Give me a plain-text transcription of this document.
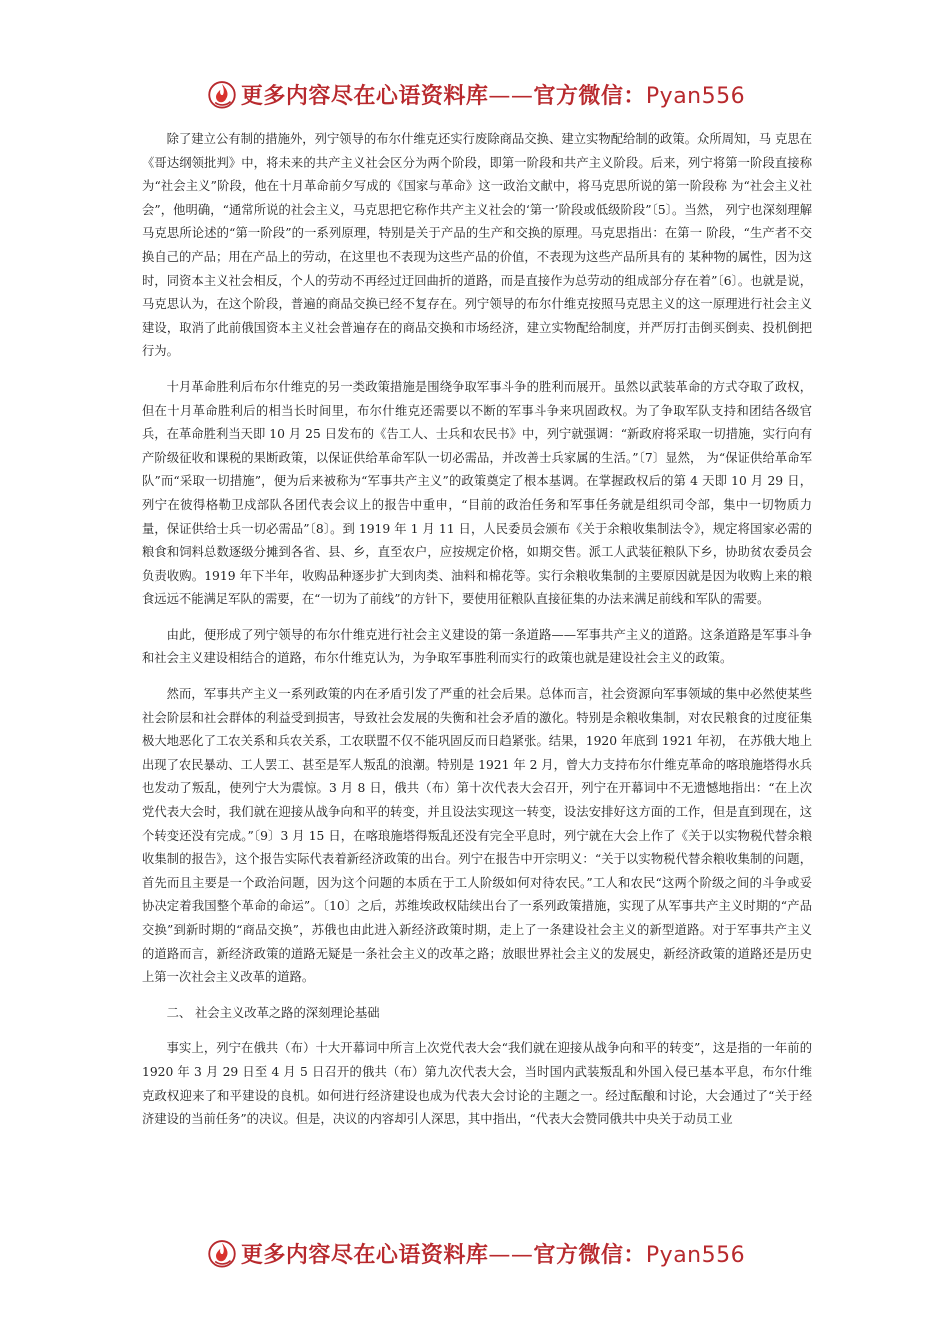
更多内容尽在心语资料库——官方微信：Pyan556

除了建立公有制的措施外，列宁领导的布尔什维克还实行废除商品交换、建立实物配给制的政策。众所周知，马 克思在《哥达纲领批判》中，将未来的共产主义社会区分为两个阶段，即第一阶段和共产主义阶段。后来，列宁将第一阶段直接称为“社会主义”阶段，他在十月革命前夕写成的《国家与革命》这一政治文献中，将马克思所说的第一阶段称 为“社会主义社会”，他明确，“通常所说的社会主义，马克思把它称作共产主义社会的‘第一’阶段或低级阶段”〔5〕。当然， 列宁也深刻理解马克思所论述的“第一阶段”的一系列原理，特别是关于产品的生产和交换的原理。马克思指出：在第一 阶段，“生产者不交换自己的产品；用在产品上的劳动，在这里也不表现为这些产品的价值，不表现为这些产品所具有的 某种物的属性，因为这时，同资本主义社会相反，个人的劳动不再经过迂回曲折的道路，而是直接作为总劳动的组成部分存在着”〔6〕。也就是说，马克思认为，在这个阶段，普遍的商品交换已经不复存在。列宁领导的布尔什维克按照马克思主义的这一原理进行社会主义建设，取消了此前俄国资本主义社会普遍存在的商品交换和市场经济，建立实物配给制度，并严厉打击倒买倒卖、投机倒把行为。

十月革命胜利后布尔什维克的另一类政策措施是围绕争取军事斗争的胜利而展开。虽然以武装革命的方式夺取了政权，但在十月革命胜利后的相当长时间里，布尔什维克还需要以不断的军事斗争来巩固政权。为了争取军队支持和团结各级官兵，在革命胜利当天即 10 月 25 日发布的《告工人、士兵和农民书》中，列宁就强调：“新政府将采取一切措施，实行向有产阶级征收和课税的果断政策，以保证供给革命军队一切必需品，并改善士兵家属的生活。”〔7〕显然， 为“保证供给革命军队”而“采取一切措施”，便为后来被称为“军事共产主义”的政策奠定了根本基调。在掌握政权后的第 4 天即 10 月 29 日，列宁在彼得格勒卫戍部队各团代表会议上的报告中重申，“目前的政治任务和军事任务就是组织司令部，集中一切物质力量，保证供给士兵一切必需品”〔8〕。到 1919 年 1 月 11 日，人民委员会颁布《关于余粮收集制法令》，规定将国家必需的粮食和饲料总数逐级分摊到各省、县、乡，直至农户，应按规定价格，如期交售。派工人武装征粮队下乡，协助贫农委员会负责收购。1919 年下半年，收购品种逐步扩大到肉类、油料和棉花等。实行余粮收集制的主要原因就是因为收购上来的粮食远远不能满足军队的需要，在“一切为了前线”的方针下，要使用征粮队直接征集的办法来满足前线和军队的需要。

由此，便形成了列宁领导的布尔什维克进行社会主义建设的第一条道路——军事共产主义的道路。这条道路是军事斗争和社会主义建设相结合的道路，布尔什维克认为，为争取军事胜利而实行的政策也就是建设社会主义的政策。

然而，军事共产主义一系列政策的内在矛盾引发了严重的社会后果。总体而言，社会资源向军事领域的集中必然使某些社会阶层和社会群体的利益受到损害，导致社会发展的失衡和社会矛盾的激化。特别是余粮收集制，对农民粮食的过度征集极大地恶化了工农关系和兵农关系，工农联盟不仅不能巩固反而日趋紧张。结果，1920 年底到 1921 年初， 在苏俄大地上出现了农民暴动、工人罢工、甚至是军人叛乱的浪潮。特别是 1921 年 2 月，曾大力支持布尔什维克革命的喀琅施塔得水兵也发动了叛乱，使列宁大为震惊。3 月 8 日，俄共（布）第十次代表大会召开，列宁在开幕词中不无遗憾地指出：“在上次党代表大会时，我们就在迎接从战争向和平的转变，并且设法实现这一转变，设法安排好这方面的工作，但是直到现在，这个转变还没有完成。”〔9〕3 月 15 日，在喀琅施塔得叛乱还没有完全平息时，列宁就在大会上作了《关于以实物税代替余粮收集制的报告》，这个报告实际代表着新经济政策的出台。列宁在报告中开宗明义：“关于以实物税代替余粮收集制的问题，首先而且主要是一个政治问题，因为这个问题的本质在于工人阶级如何对待农民。”工人和农民“这两个阶级之间的斗争或妥协决定着我国整个革命的命运”。〔10〕之后，苏维埃政权陆续出台了一系列政策措施，实现了从军事共产主义时期的“产品交换”到新时期的“商品交换”，苏俄也由此进入新经济政策时期，走上了一条建设社会主义的新型道路。对于军事共产主义的道路而言，新经济政策的道路无疑是一条社会主义的改革之路；放眼世界社会主义的发展史，新经济政策的道路还是历史上第一次社会主义改革的道路。

二、 社会主义改革之路的深刻理论基础

事实上，列宁在俄共（布）十大开幕词中所言上次党代表大会“我们就在迎接从战争向和平的转变”，这是指的一年前的 1920 年 3 月 29 日至 4 月 5 日召开的俄共（布）第九次代表大会，当时国内武装叛乱和外国入侵已基本平息，布尔什维克政权迎来了和平建设的良机。如何进行经济建设也成为代表大会讨论的主题之一。经过酝酿和讨论，大会通过了“关于经济建设的当前任务”的决议。但是，决议的内容却引人深思，其中指出，“代表大会赞同俄共中央关于动员工业

更多内容尽在心语资料库——官方微信：Pyan556
